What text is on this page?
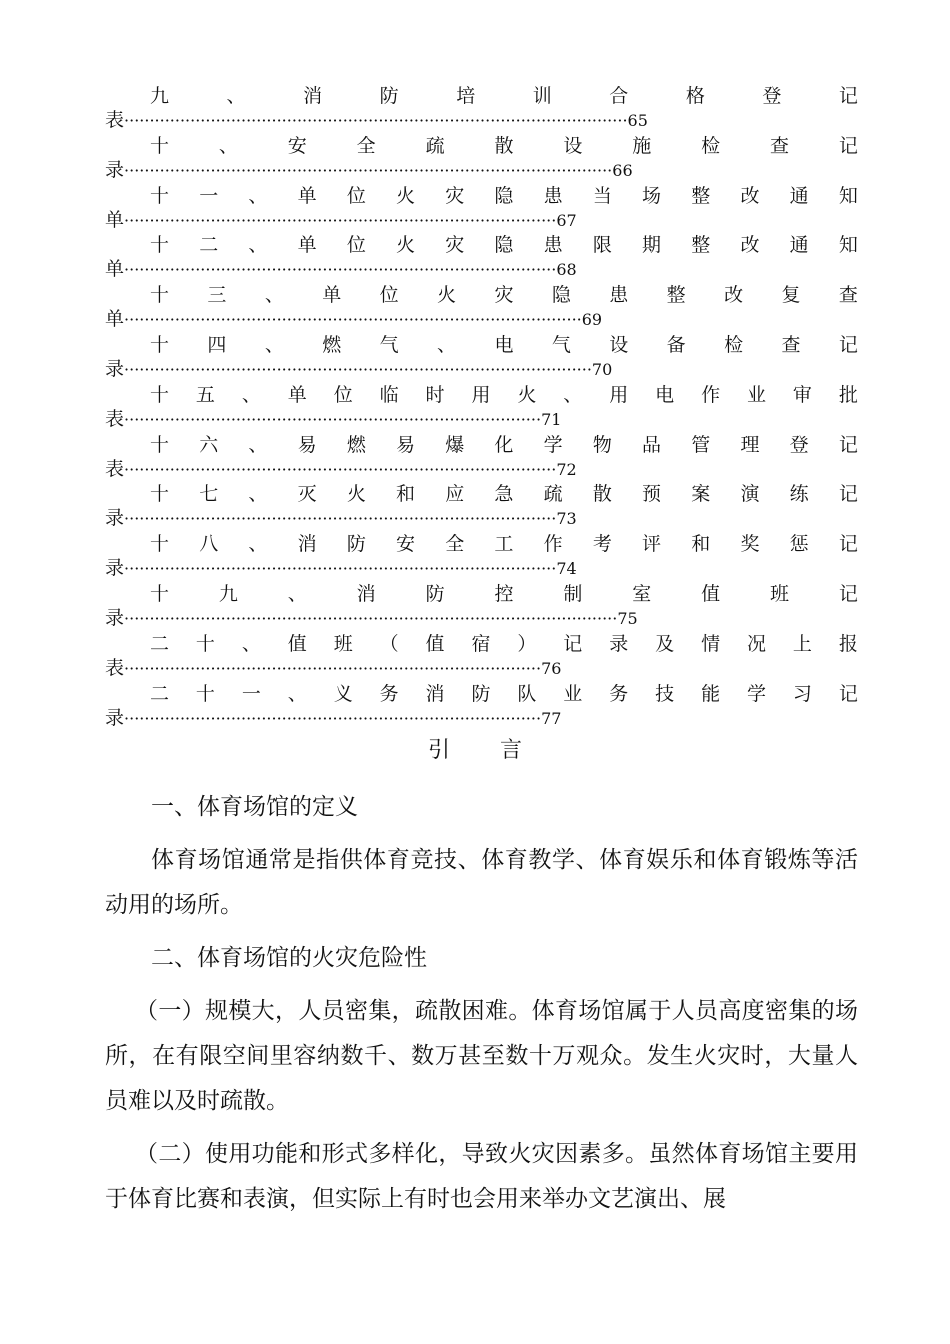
九	、	消	防	培	训	合	格	登	记
表···································································································65
十	、	安	全	疏	散	设	施	检	查	记
录································································································66
十 一 、 单 位 火 灾 隐 患 当 场 整 改 通 知
单·····················································································67
十 二 、 单 位 火 灾 隐 患 限 期 整 改 通 知
单·····················································································68
十 三 、 单 位 火 灾 隐 患 整 改 复 查
单··························································································69
十 四 、 燃 气 、 电 气 设 备 检 查 记
录····························································································70
十 五 、 单 位 临 时 用 火 、 用 电 作 业 审 批
表··················································································71
十 六 、 易 燃 易 爆 化 学 物 品 管 理 登 记
表·····················································································72
十 七 、 灭 火 和 应 急 疏 散 预 案 演 练 记
录·····················································································73
十 八 、 消 防 安 全 工 作 考 评 和 奖 惩 记
录·····················································································74
十	九	、	消	防	控	制	室	值	班	记
录·································································································75
二 十 、 值 班 （ 值 宿 ） 记 录 及 情 况 上 报
表··················································································76
二 十 一 、 义 务 消 防 队 业 务 技 能 学 习 记
录··················································································77
引言

一、体育场馆的定义

体育场馆通常是指供体育竞技、体育教学、体育娱乐和体育锻炼等活动用的场所。

二、体育场馆的火灾危险性

（一）规模大，人员密集，疏散困难。体育场馆属于人员高度密集的场所，在有限空间里容纳数千、数万甚至数十万观众。发生火灾时，大量人员难以及时疏散。

（二）使用功能和形式多样化，导致火灾因素多。虽然体育场馆主要用于体育比赛和表演，但实际上有时也会用来举办文艺演出、展
